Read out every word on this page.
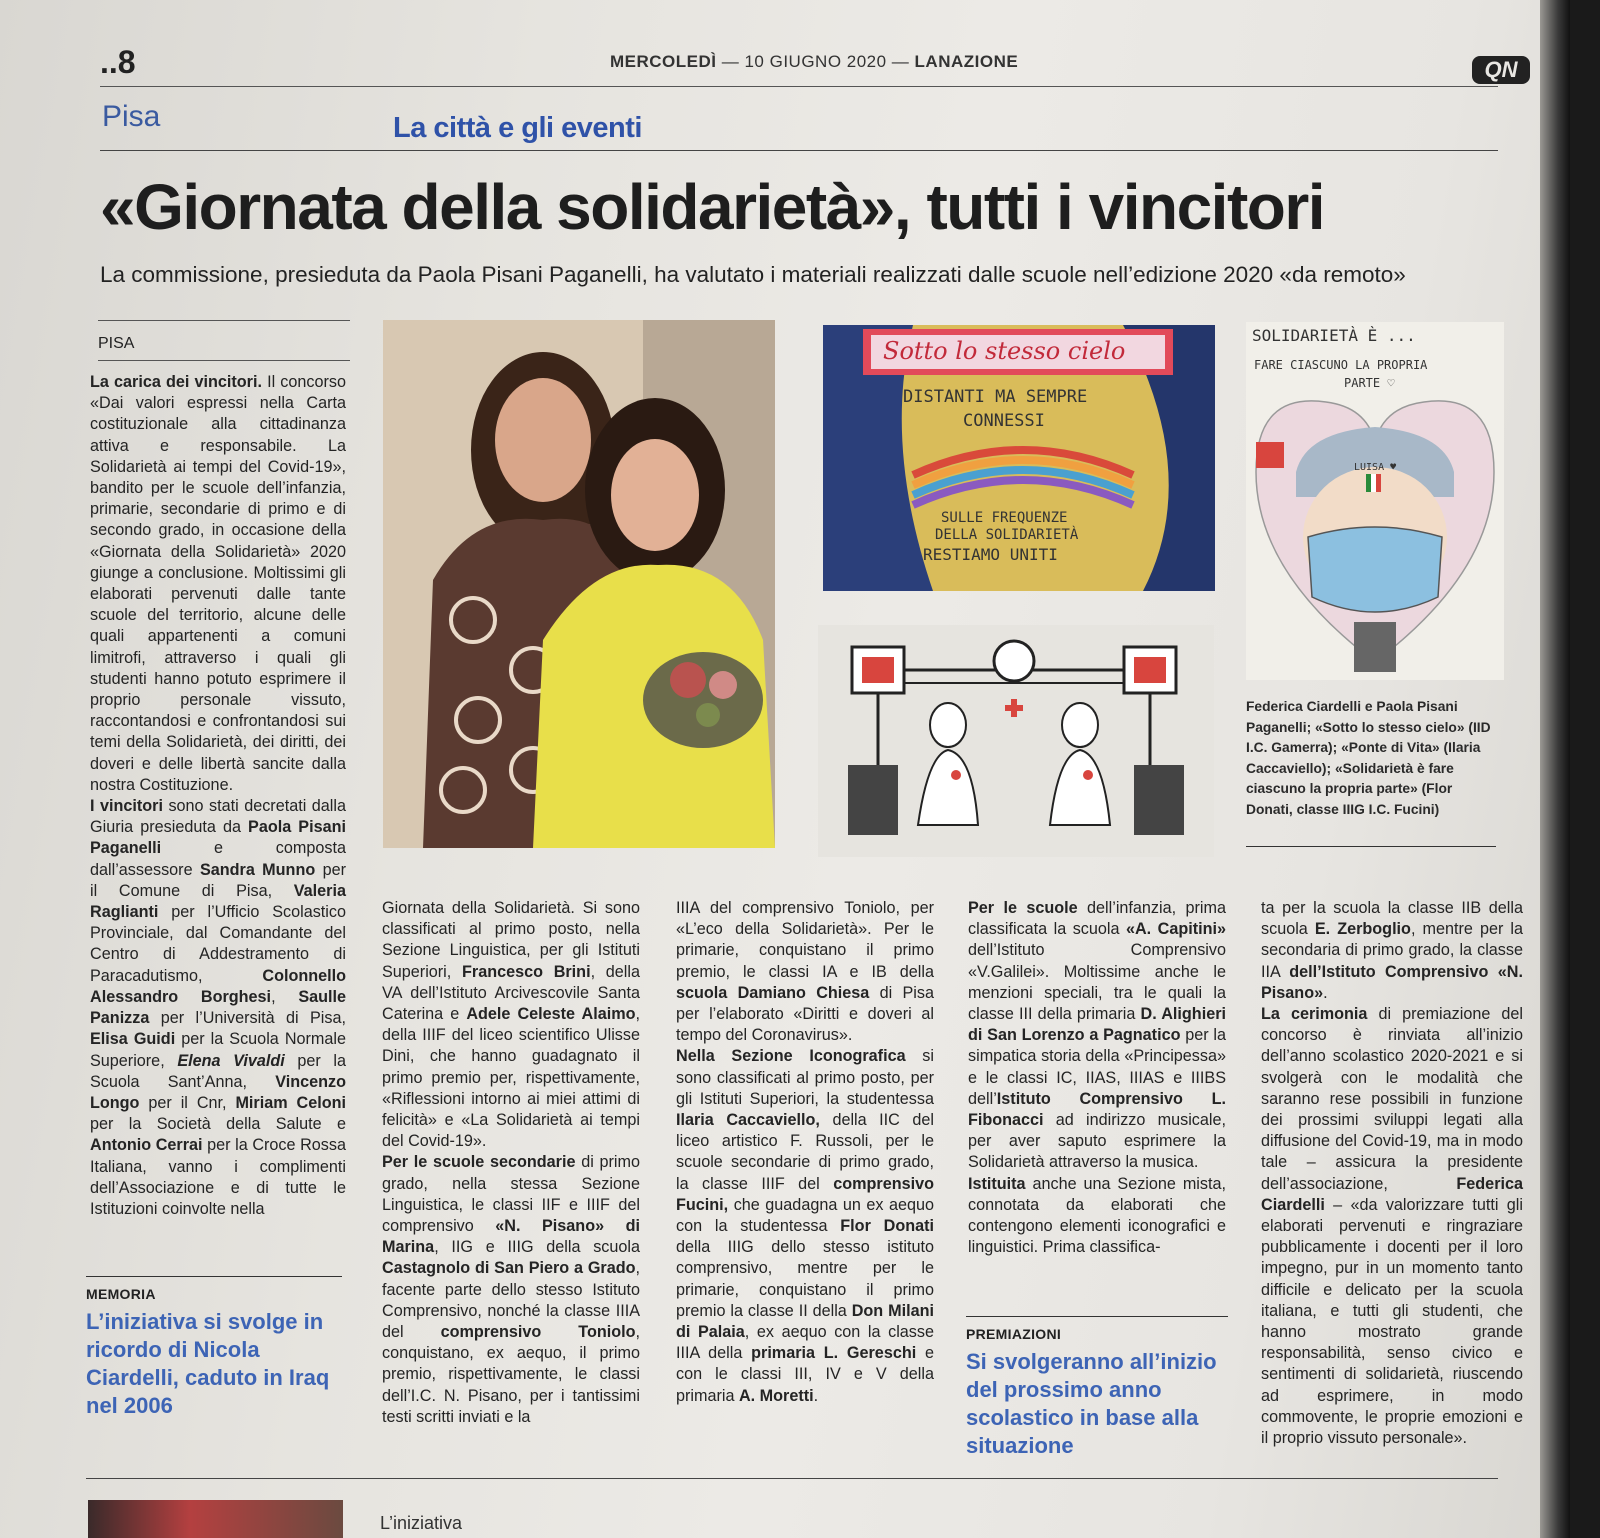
..8	MERCOLEDÌ — 10 GIUGNO 2020 — LANAZIONE	QN
Pisa	La città e gli eventi
«Giornata della solidarietà», tutti i vincitori
La commissione, presieduta da Paola Pisani Paganelli, ha valutato i materiali realizzati dalle scuole nell’edizione 2020 «da remoto»
PISA

La carica dei vincitori. Il concorso «Dai valori espressi nella Carta costituzionale alla cittadinanza attiva e responsabile. La Solidarietà ai tempi del Covid-19», bandito per le scuole dell’infanzia, primarie, secondarie di primo e di secondo grado, in occasione della «Giornata della Solidarietà» 2020 giunge a conclusione. Moltissimi gli elaborati pervenuti dalle tante scuole del territorio, alcune delle quali appartenenti a comuni limitrofi, attraverso i quali gli studenti hanno potuto esprimere il proprio personale vissuto, raccontandosi e confrontandosi sui temi della Solidarietà, dei diritti, dei doveri e delle libertà sancite dalla nostra Costituzione.

I vincitori sono stati decretati dalla Giuria presieduta da Paola Pisani Paganelli e composta dall’assessore Sandra Munno per il Comune di Pisa, Valeria Raglianti per l’Ufficio Scolastico Provinciale, dal Comandante del Centro di Addestramento di Paracadutismo, Colonnello Alessandro Borghesi, Saulle Panizza per l’Università di Pisa, Elisa Guidi per la Scuola Normale Superiore, Elena Vivaldi per la Scuola Sant’Anna, Vincenzo Longo per il Cnr, Miriam Celoni per la Società della Salute e Antonio Cerrai per la Croce Rossa Italiana, vanno i complimenti dell’Associazione e di tutte le Istituzioni coinvolte nella

MEMORIA
L’iniziativa si svolge in ricordo di Nicola Ciardelli, caduto in Iraq nel 2006
Sotto lo stesso cielo
DISTANTI MA SEMPRE
CONNESSI
SULLE FREQUENZE
DELLA SOLIDARIETÀ
RESTIAMO UNITI
SOLIDARIETÀ È ...
FARE CIASCUNO LA PROPRIA
PARTE ♡
LUISA ♥
Federica Ciardelli e Paola Pisani Paganelli; «Sotto lo stesso cielo» (IID I.C. Gamerra); «Ponte di Vita» (Ilaria Caccaviello); «Solidarietà è fare ciascuno la propria parte» (Flor Donati, classe IIIG I.C. Fucini)

Giornata della Solidarietà. Si sono classificati al primo posto, nella Sezione Linguistica, per gli Istituti Superiori, Francesco Brini, della VA dell’Istituto Arcivescovile Santa Caterina e Adele Celeste Alaimo, della IIIF del liceo scientifico Ulisse Dini, che hanno guadagnato il primo premio per, rispettivamente, «Riflessioni intorno ai miei attimi di felicità» e «La Solidarietà ai tempi del Covid-19».

Per le scuole secondarie di primo grado, nella stessa Sezione Linguistica, le classi IIF e IIIF del comprensivo «N. Pisano» di Marina, IIG e IIIG della scuola Castagnolo di San Piero a Grado, facente parte dello stesso Istituto Comprensivo, nonché la classe IIIA del comprensivo Toniolo, conquistano, ex aequo, il primo premio, rispettivamente, le classi dell’I.C. N. Pisano, per i tantissimi testi scritti inviati e la

IIIA del comprensivo Toniolo, per «L’eco della Solidarietà». Per le primarie, conquistano il primo premio, le classi IA e IB della scuola Damiano Chiesa di Pisa per l’elaborato «Diritti e doveri al tempo del Coronavirus».

Nella Sezione Iconografica si sono classificati al primo posto, per gli Istituti Superiori, la studentessa Ilaria Caccaviello, della IIC del liceo artistico F. Russoli, per le scuole secondarie di primo grado, la classe IIIF del comprensivo Fucini, che guadagna un ex aequo con la studentessa Flor Donati della IIIG dello stesso istituto comprensivo, mentre per le primarie, conquistano il primo premio la classe II della Don Milani di Palaia, ex aequo con la classe IIIA della primaria L. Gereschi e con le classi III, IV e V della primaria A. Moretti.

Per le scuole dell’infanzia, prima classificata la scuola «A. Capitini» dell’Istituto Comprensivo «V.Galilei». Moltissime anche le menzioni speciali, tra le quali la classe III della primaria D. Alighieri di San Lorenzo a Pagnatico per la simpatica storia della «Principessa» e le classi IC, IIAS, IIIAS e IIIBS dell’Istituto Comprensivo L. Fibonacci ad indirizzo musicale, per aver saputo esprimere la Solidarietà attraverso la musica.

Istituita anche una Sezione mista, connotata da elaborati che contengono elementi iconografici e linguistici. Prima classifica-

PREMIAZIONI
Si svolgeranno all’inizio del prossimo anno scolastico in base alla situazione

ta per la scuola la classe IIB della scuola E. Zerboglio, mentre per la secondaria di primo grado, la classe IIA dell’Istituto Comprensivo «N. Pisano».

La cerimonia di premiazione del concorso è rinviata all’inizio dell’anno scolastico 2020-2021 e si svolgerà con le modalità che saranno rese possibili in funzione dei prossimi sviluppi legati alla diffusione del Covid-19, ma in modo tale – assicura la presidente dell’associazione, Federica Ciardelli – «da valorizzare tutti gli elaborati pervenuti e ringraziare pubblicamente i docenti per il loro impegno, pur in un momento tanto difficile e delicato per la scuola italiana, e tutti gli studenti, che hanno mostrato grande responsabilità, senso civico e sentimenti di solidarietà, riuscendo ad esprimere, in modo commovente, le proprie emozioni e il proprio vissuto personale».

L’iniziativa
